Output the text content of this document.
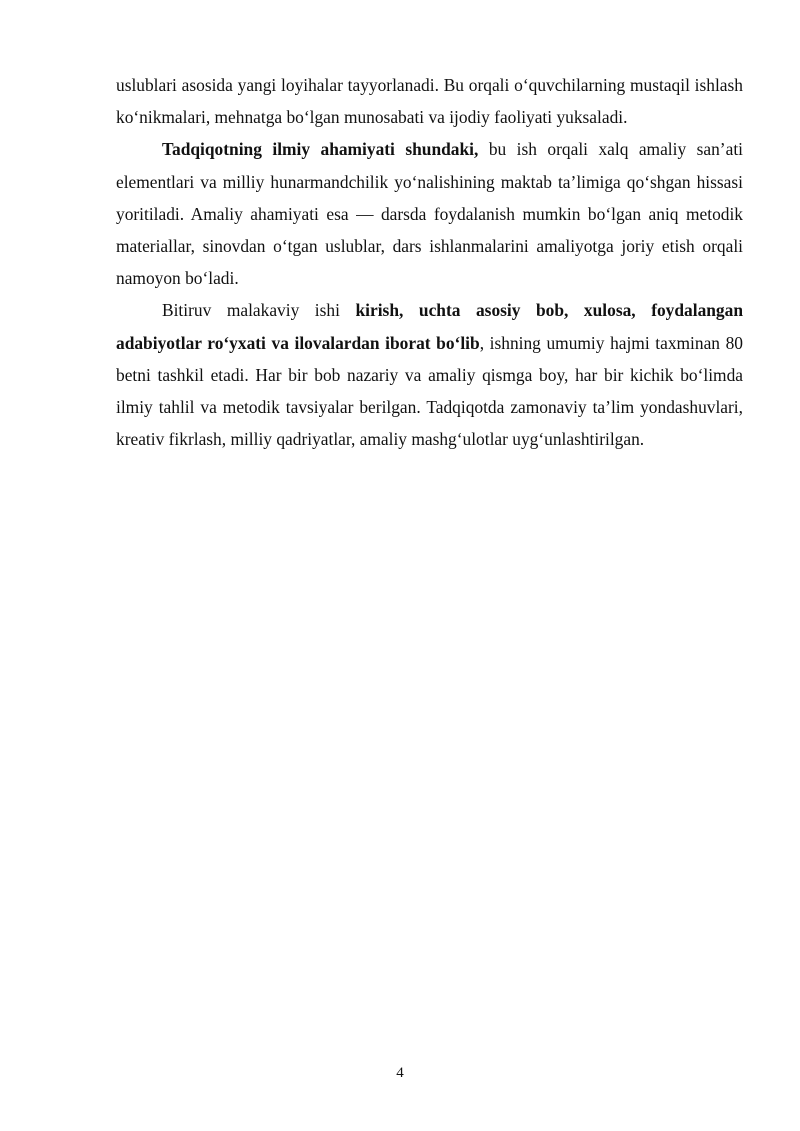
uslublari asosida yangi loyihalar tayyorlanadi. Bu orqali o‘quvchilarning mustaqil ishlash ko‘nikmalari, mehnatga bo‘lgan munosabati va ijodiy faoliyati yuksaladi.

Tadqiqotning ilmiy ahamiyati shundaki, bu ish orqali xalq amaliy san’ati elementlari va milliy hunarmandchilik yo‘nalishining maktab ta’limiga qo‘shgan hissasi yoritiladi. Amaliy ahamiyati esa — darsda foydalanish mumkin bo‘lgan aniq metodik materiallar, sinovdan o‘tgan uslublar, dars ishlanmalarini amaliyotga joriy etish orqali namoyon bo‘ladi.

Bitiruv malakaviy ishi kirish, uchta asosiy bob, xulosa, foydalangan adabiyotlar ro‘yxati va ilovalardan iborat bo‘lib, ishning umumiy hajmi taxminan 80 betni tashkil etadi. Har bir bob nazariy va amaliy qismga boy, har bir kichik bo‘limda ilmiy tahlil va metodik tavsiyalar berilgan. Tadqiqotda zamonaviy ta’lim yondashuvlari, kreativ fikrlash, milliy qadriyatlar, amaliy mashg‘ulotlar uyg‘unlashtirilgan.

4
